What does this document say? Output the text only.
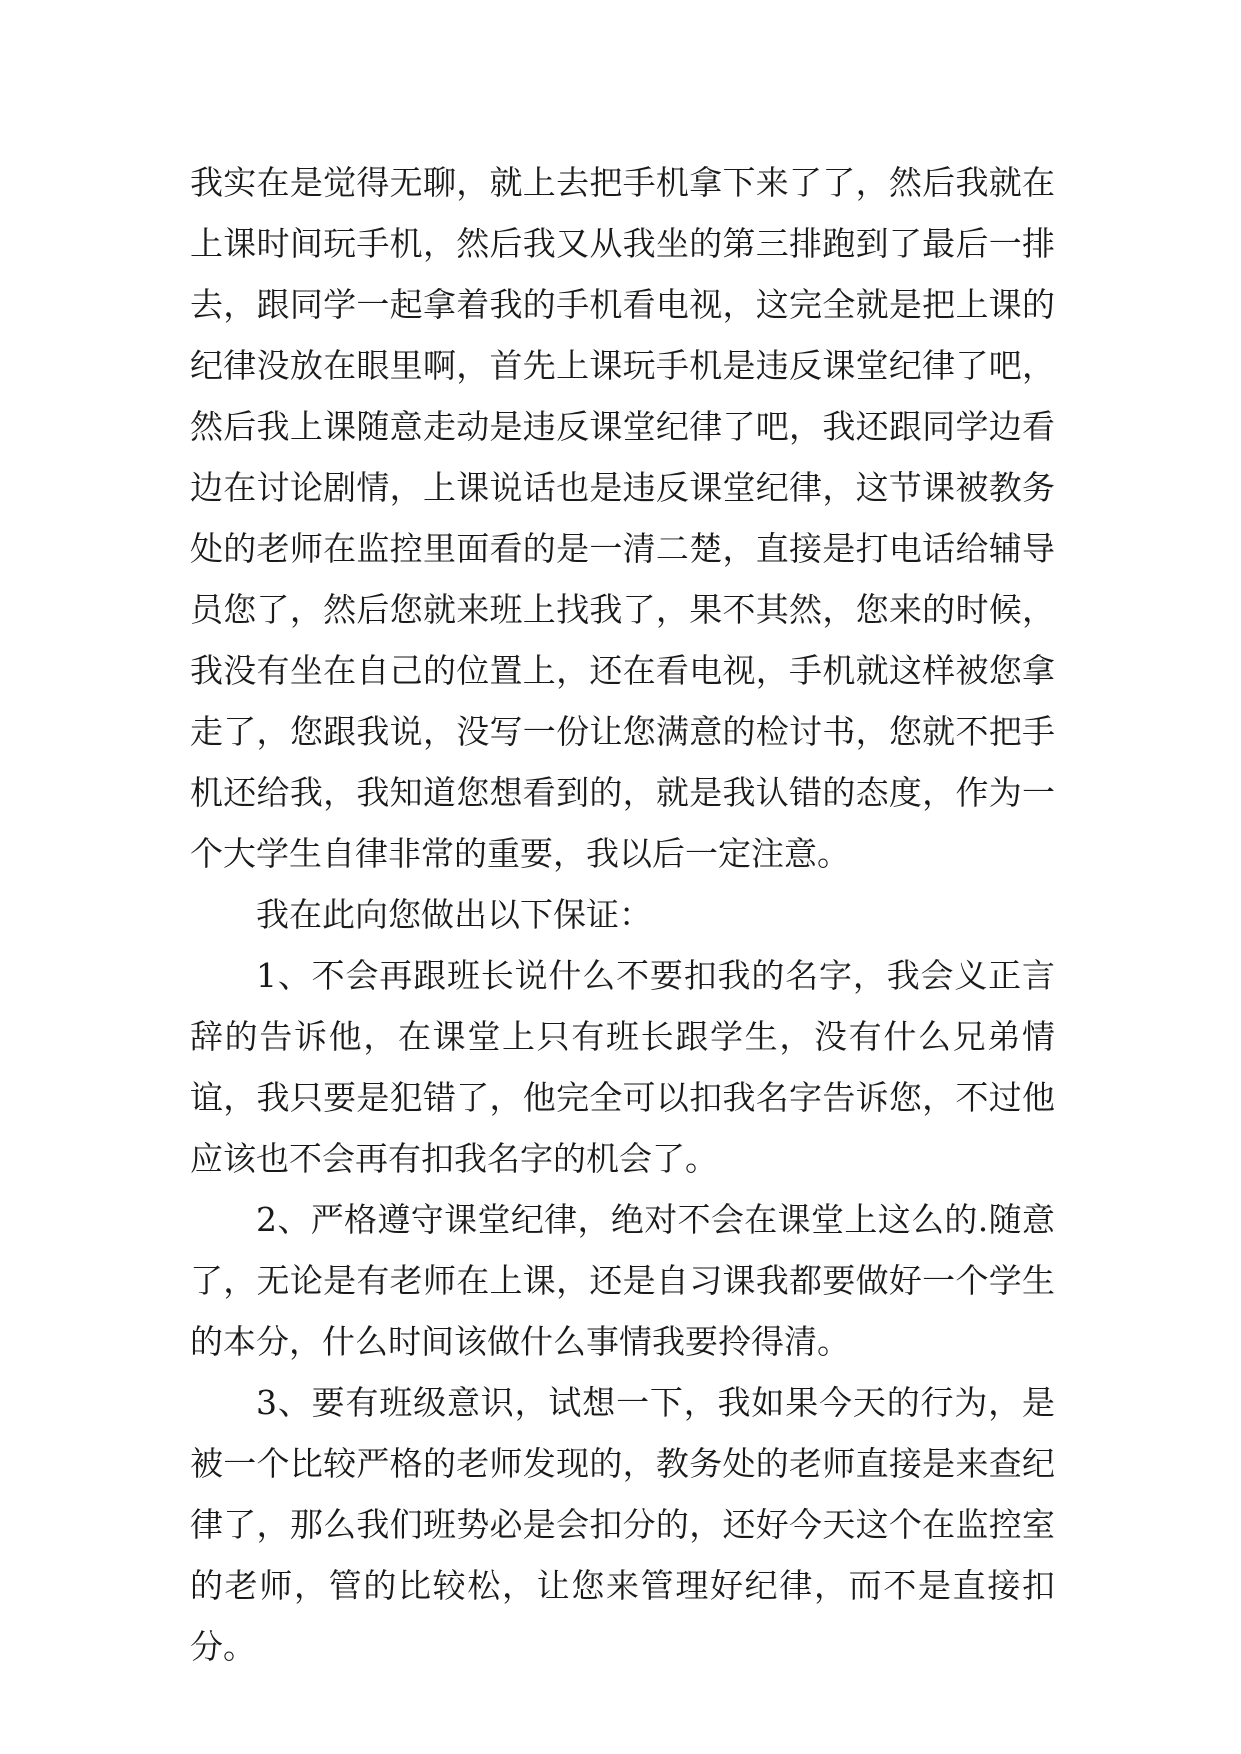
我实在是觉得无聊，就上去把手机拿下来了了，然后我就在上课时间玩手机，然后我又从我坐的第三排跑到了最后一排去，跟同学一起拿着我的手机看电视，这完全就是把上课的纪律没放在眼里啊，首先上课玩手机是违反课堂纪律了吧，然后我上课随意走动是违反课堂纪律了吧，我还跟同学边看边在讨论剧情，上课说话也是违反课堂纪律，这节课被教务处的老师在监控里面看的是一清二楚，直接是打电话给辅导员您了，然后您就来班上找我了，果不其然，您来的时候，我没有坐在自己的位置上，还在看电视，手机就这样被您拿走了，您跟我说，没写一份让您满意的检讨书，您就不把手机还给我，我知道您想看到的，就是我认错的态度，作为一个大学生自律非常的重要，我以后一定注意。

我在此向您做出以下保证：

1、不会再跟班长说什么不要扣我的名字，我会义正言辞的告诉他，在课堂上只有班长跟学生，没有什么兄弟情谊，我只要是犯错了，他完全可以扣我名字告诉您，不过他应该也不会再有扣我名字的机会了。

2、严格遵守课堂纪律，绝对不会在课堂上这么的.随意了，无论是有老师在上课，还是自习课我都要做好一个学生的本分，什么时间该做什么事情我要拎得清。

3、要有班级意识，试想一下，我如果今天的行为，是被一个比较严格的老师发现的，教务处的老师直接是来查纪律了，那么我们班势必是会扣分的，还好今天这个在监控室的老师，管的比较松，让您来管理好纪律，而不是直接扣分。
